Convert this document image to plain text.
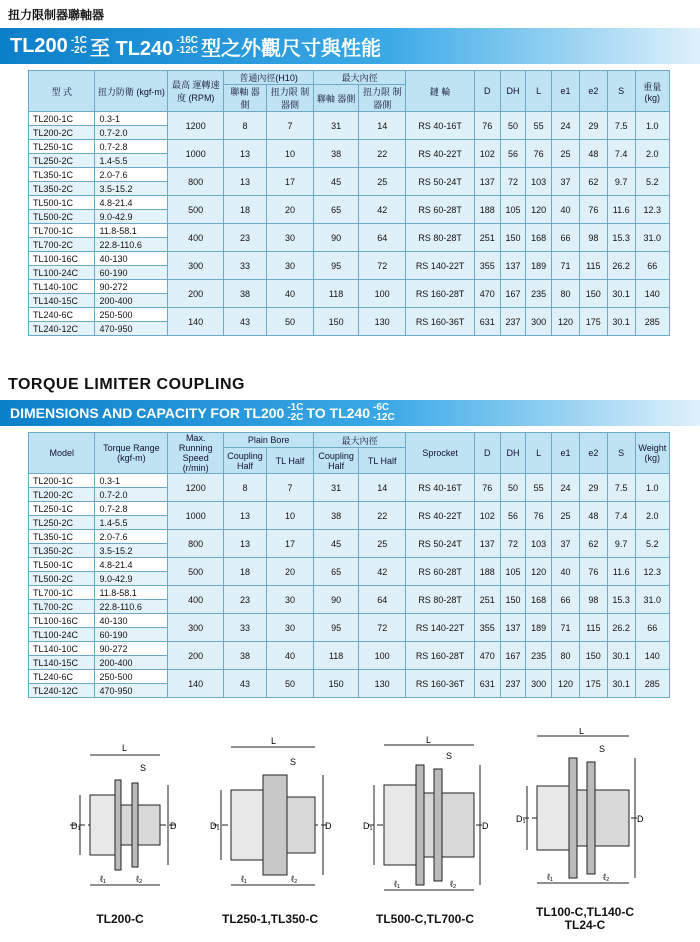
扭力限制器聯軸器
TL200 -1C
-2C 至 TL240 -16C
-12C 型之外觀尺寸與性能
型 式	扭力防衛 (kgf-m)	最高 運轉速度 (RPM)	普通內徑(H10)		最大內徑		鏈 輪	D	DH	L	e1	e2	S	重量 (kg)
			聯軸 器側	扭力限 制器側	聯軸 器側	扭力限 制器側								
TL200-1C	0.3-1	1200	8	7	31	14	RS 40-16T	76	50	55	24	29	7.5	1.0
TL200-2C	0.7-2.0													
TL250-1C	0.7-2.8	1000	13	10	38	22	RS 40-22T	102	56	76	25	48	7.4	2.0
TL250-2C	1.4-5.5													
TL350-1C	2.0-7.6	800	13	17	45	25	RS 50-24T	137	72	103	37	62	9.7	5.2
TL350-2C	3.5-15.2													
TL500-1C	4.8-21.4	500	18	20	65	42	RS 60-28T	188	105	120	40	76	11.6	12.3
TL500-2C	9.0-42.9													
TL700-1C	11.8-58.1	400	23	30	90	64	RS 80-28T	251	150	168	66	98	15.3	31.0
TL700-2C	22.8-110.6													
TL100-16C	40-130	300	33	30	95	72	RS 140-22T	355	137	189	71	115	26.2	66
TL100-24C	60-190													
TL140-10C	90-272	200	38	40	118	100	RS 160-28T	470	167	235	80	150	30.1	140
TL140-15C	200-400													
TL240-6C	250-500	140	43	50	150	130	RS 160-36T	631	237	300	120	175	30.1	285
TL240-12C	470-950													
TORQUE LIMITER COUPLING
DIMENSIONS AND CAPACITY FOR TL200 -1C
-2C TO TL240 -6C
-12C
Model	Torque Range (kgf-m)	Max. Running Speed (r/min)	Plain Bore		最大內徑		Sprocket	D	DH	L	e1	e2	S	Weight (kg)
			Coupling Half	TL Half	Coupling Half	TL Half								
TL200-1C	0.3-1	1200	8	7	31	14	RS 40-16T	76	50	55	24	29	7.5	1.0
TL200-2C	0.7-2.0													
TL250-1C	0.7-2.8	1000	13	10	38	22	RS 40-22T	102	56	76	25	48	7.4	2.0
TL250-2C	1.4-5.5													
TL350-1C	2.0-7.6	800	13	17	45	25	RS 50-24T	137	72	103	37	62	9.7	5.2
TL350-2C	3.5-15.2													
TL500-1C	4.8-21.4	500	18	20	65	42	RS 60-28T	188	105	120	40	76	11.6	12.3
TL500-2C	9.0-42.9													
TL700-1C	11.8-58.1	400	23	30	90	64	RS 80-28T	251	150	168	66	98	15.3	31.0
TL700-2C	22.8-110.6													
TL100-16C	40-130	300	33	30	95	72	RS 140-22T	355	137	189	71	115	26.2	66
TL100-24C	60-190													
TL140-10C	90-272	200	38	40	118	100	RS 160-28T	470	167	235	80	150	30.1	140
TL140-15C	200-400													
TL240-6C	250-500	140	43	50	150	130	RS 160-36T	631	237	300	120	175	30.1	285
TL240-12C	470-950													
L
S
D₁	D
ℓ₁	ℓ₂
TL200-C
L
S
D₁	D
ℓ₁	ℓ₂
TL250-1,TL350-C
L
S
D₁	D
ℓ₁	ℓ₂
TL500-C,TL700-C
L
S
D₁	D
ℓ₁	ℓ₂
TL100-C,TL140-C
TL24-C
